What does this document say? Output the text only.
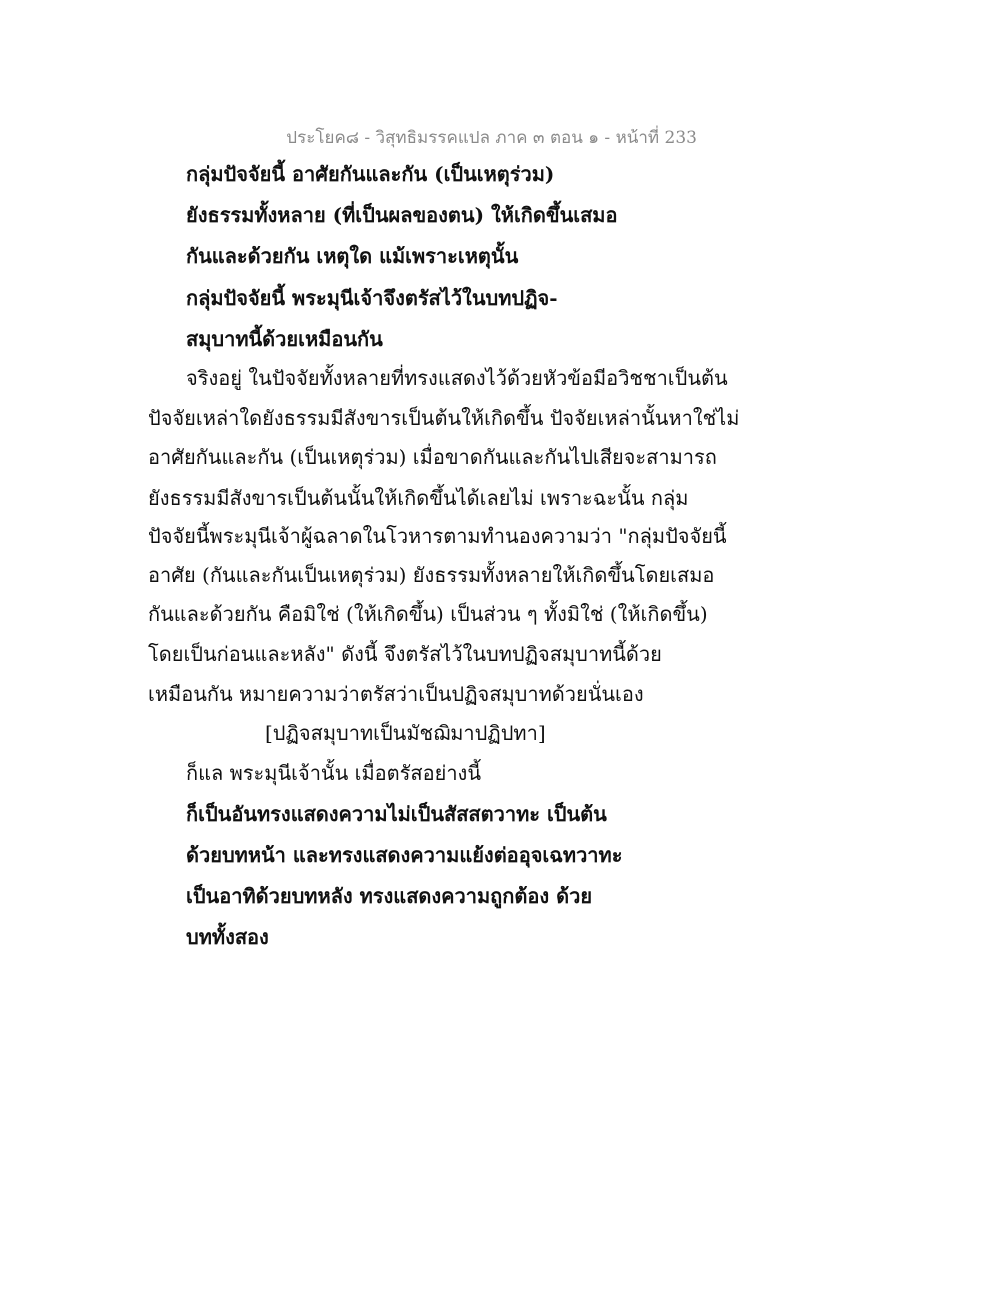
ประโยค๘ - วิสุทธิมรรคแปล ภาค ๓ ตอน ๑ - หน้าที่ 233
กลุ่มปัจจัยนี้ อาศัยกันและกัน (เป็นเหตุร่วม)
ยังธรรมทั้งหลาย (ที่เป็นผลของตน) ให้เกิดขึ้นเสมอ
กันและด้วยกัน เหตุใด แม้เพราะเหตุนั้น
กลุ่มปัจจัยนี้ พระมุนีเจ้าจึงตรัสไว้ในบทปฏิจ-
สมุบาทนี้ด้วยเหมือนกัน
จริงอยู่ ในปัจจัยทั้งหลายที่ทรงแสดงไว้ด้วยหัวข้อมีอวิชชาเป็นต้น
ปัจจัยเหล่าใดยังธรรมมีสังขารเป็นต้นให้เกิดขึ้น ปัจจัยเหล่านั้นหาใช่ไม่
อาศัยกันและกัน (เป็นเหตุร่วม) เมื่อขาดกันและกันไปเสียจะสามารถ
ยังธรรมมีสังขารเป็นต้นนั้นให้เกิดขึ้นได้เลยไม่ เพราะฉะนั้น กลุ่ม
ปัจจัยนี้พระมุนีเจ้าผู้ฉลาดในโวหารตามทำนองความว่า "กลุ่มปัจจัยนี้
อาศัย (กันและกันเป็นเหตุร่วม) ยังธรรมทั้งหลายให้เกิดขึ้นโดยเสมอ
กันและด้วยกัน คือมิใช่ (ให้เกิดขึ้น) เป็นส่วน ๆ ทั้งมิใช่ (ให้เกิดขึ้น)
โดยเป็นก่อนและหลัง" ดังนี้ จึงตรัสไว้ในบทปฏิจสมุบาทนี้ด้วย
เหมือนกัน หมายความว่าตรัสว่าเป็นปฏิจสมุบาทด้วยนั่นเอง
[ปฏิจสมุบาทเป็นมัชฌิมาปฏิปทา]
ก็แล พระมุนีเจ้านั้น เมื่อตรัสอย่างนี้
ก็เป็นอันทรงแสดงความไม่เป็นสัสสตวาทะ เป็นต้น
ด้วยบทหน้า และทรงแสดงความแย้งต่ออุจเฉทวาทะ
เป็นอาทิด้วยบทหลัง ทรงแสดงความถูกต้อง ด้วย
บททั้งสอง
